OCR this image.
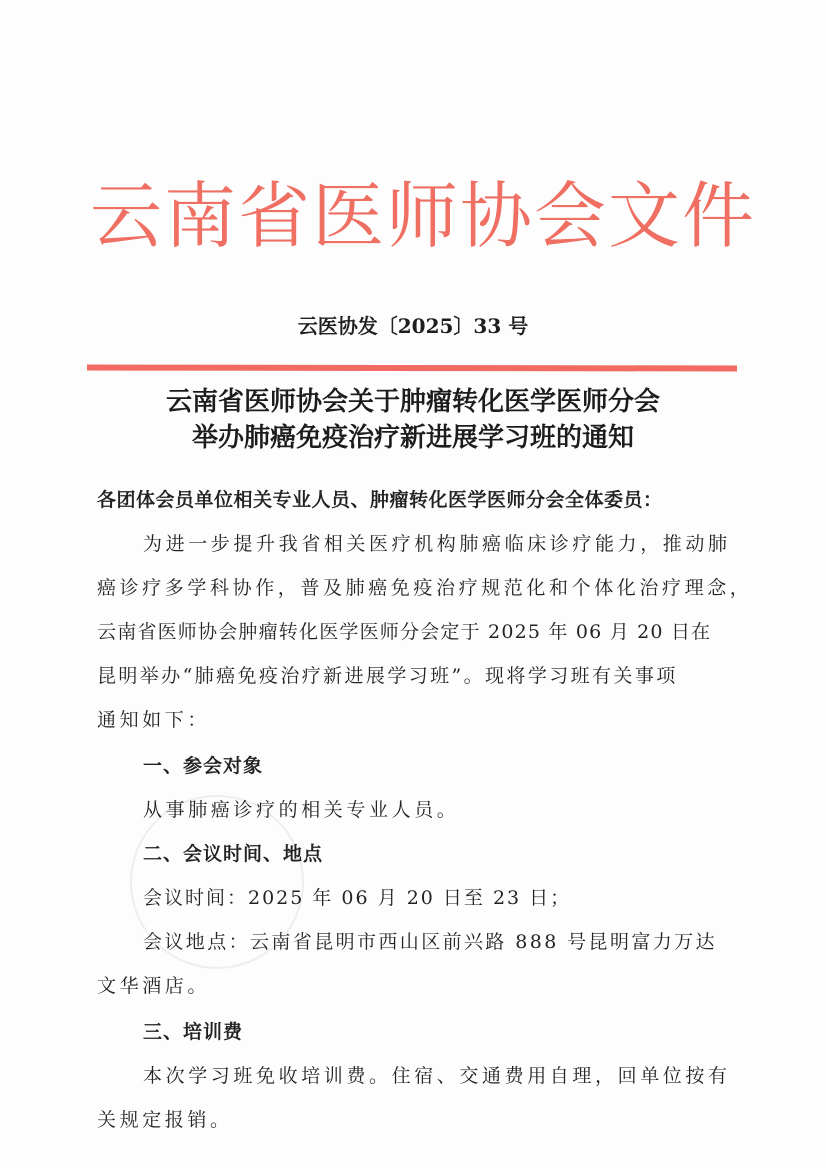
云南省医师协会文件
云医协发〔2025〕33 号
云南省医师协会关于肿瘤转化医学医师分会
举办肺癌免疫治疗新进展学习班的通知
各团体会员单位相关专业人员、肿瘤转化医学医师分会全体委员：
为进一步提升我省相关医疗机构肺癌临床诊疗能力，推动肺
癌诊疗多学科协作，普及肺癌免疫治疗规范化和个体化治疗理念，
云南省医师协会肿瘤转化医学医师分会定于 2025 年 06 月 20 日在
昆明举办“肺癌免疫治疗新进展学习班”。现将学习班有关事项
通知如下：
一、参会对象
从事肺癌诊疗的相关专业人员。
二、会议时间、地点
会议时间：2025 年 06 月 20 日至 23 日；
会议地点：云南省昆明市西山区前兴路 888 号昆明富力万达
文华酒店。
三、培训费
本次学习班免收培训费。住宿、交通费用自理，回单位按有
关规定报销。
